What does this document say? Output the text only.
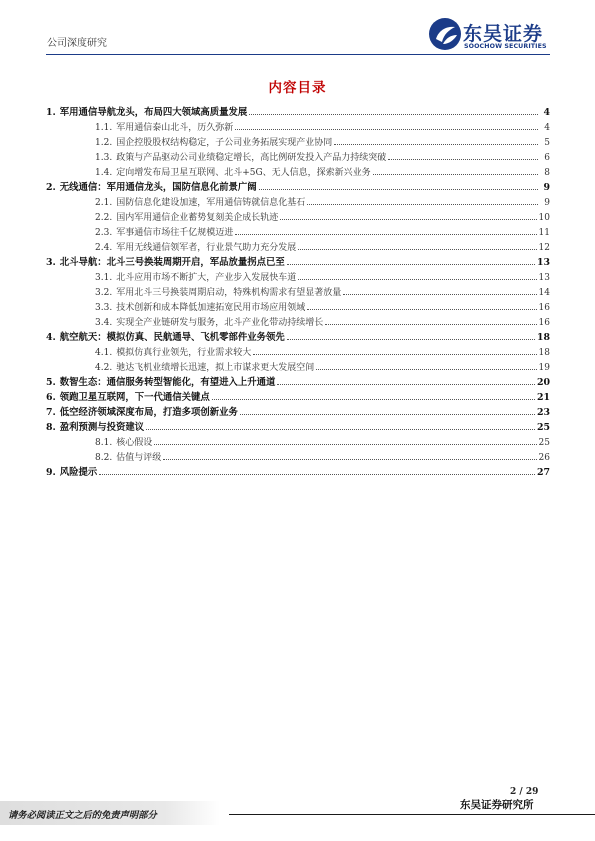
公司深度研究	东吴证券
SOOCHOW SECURITIES
内容目录
1. 军用通信导航龙头，布局四大领域高质量发展	4
1.1. 军用通信泰山北斗，历久弥新	4
1.2. 国企控股股权结构稳定，子公司业务拓展实现产业协同	5
1.3. 政策与产品驱动公司业绩稳定增长，高比例研发投入产品力持续突破	6
1.4. 定向增发布局卫星互联网、北斗+5G、无人信息，探索新兴业务	8
2. 无线通信：军用通信龙头，国防信息化前景广阔	9
2.1. 国防信息化建设加速，军用通信铸就信息化基石	9
2.2. 国内军用通信企业蓄势复刻美企成长轨迹	10
2.3. 军事通信市场往千亿规模迈进	11
2.4. 军用无线通信领军者，行业景气助力充分发展	12
3. 北斗导航：北斗三号换装周期开启，军品放量拐点已至	13
3.1. 北斗应用市场不断扩大，产业步入发展快车道	13
3.2. 军用北斗三号换装周期启动，特殊机构需求有望显著放量	14
3.3. 技术创新和成本降低加速拓宽民用市场应用领域	16
3.4. 实现全产业链研发与服务，北斗产业化带动持续增长	16
4. 航空航天：模拟仿真、民航通导、飞机零部件业务领先	18
4.1. 模拟仿真行业领先，行业需求较大	18
4.2. 驰达飞机业绩增长迅速，拟上市谋求更大发展空间	19
5. 数智生态：通信服务转型智能化，有望进入上升通道	20
6. 领跑卫星互联网，下一代通信关键点	21
7. 低空经济领域深度布局，打造多项创新业务	23
8. 盈利预测与投资建议	25
8.1. 核心假设	25
8.2. 估值与评级	26
9. 风险提示	27
2 / 29
请务必阅读正文之后的免责声明部分
东吴证券研究所
